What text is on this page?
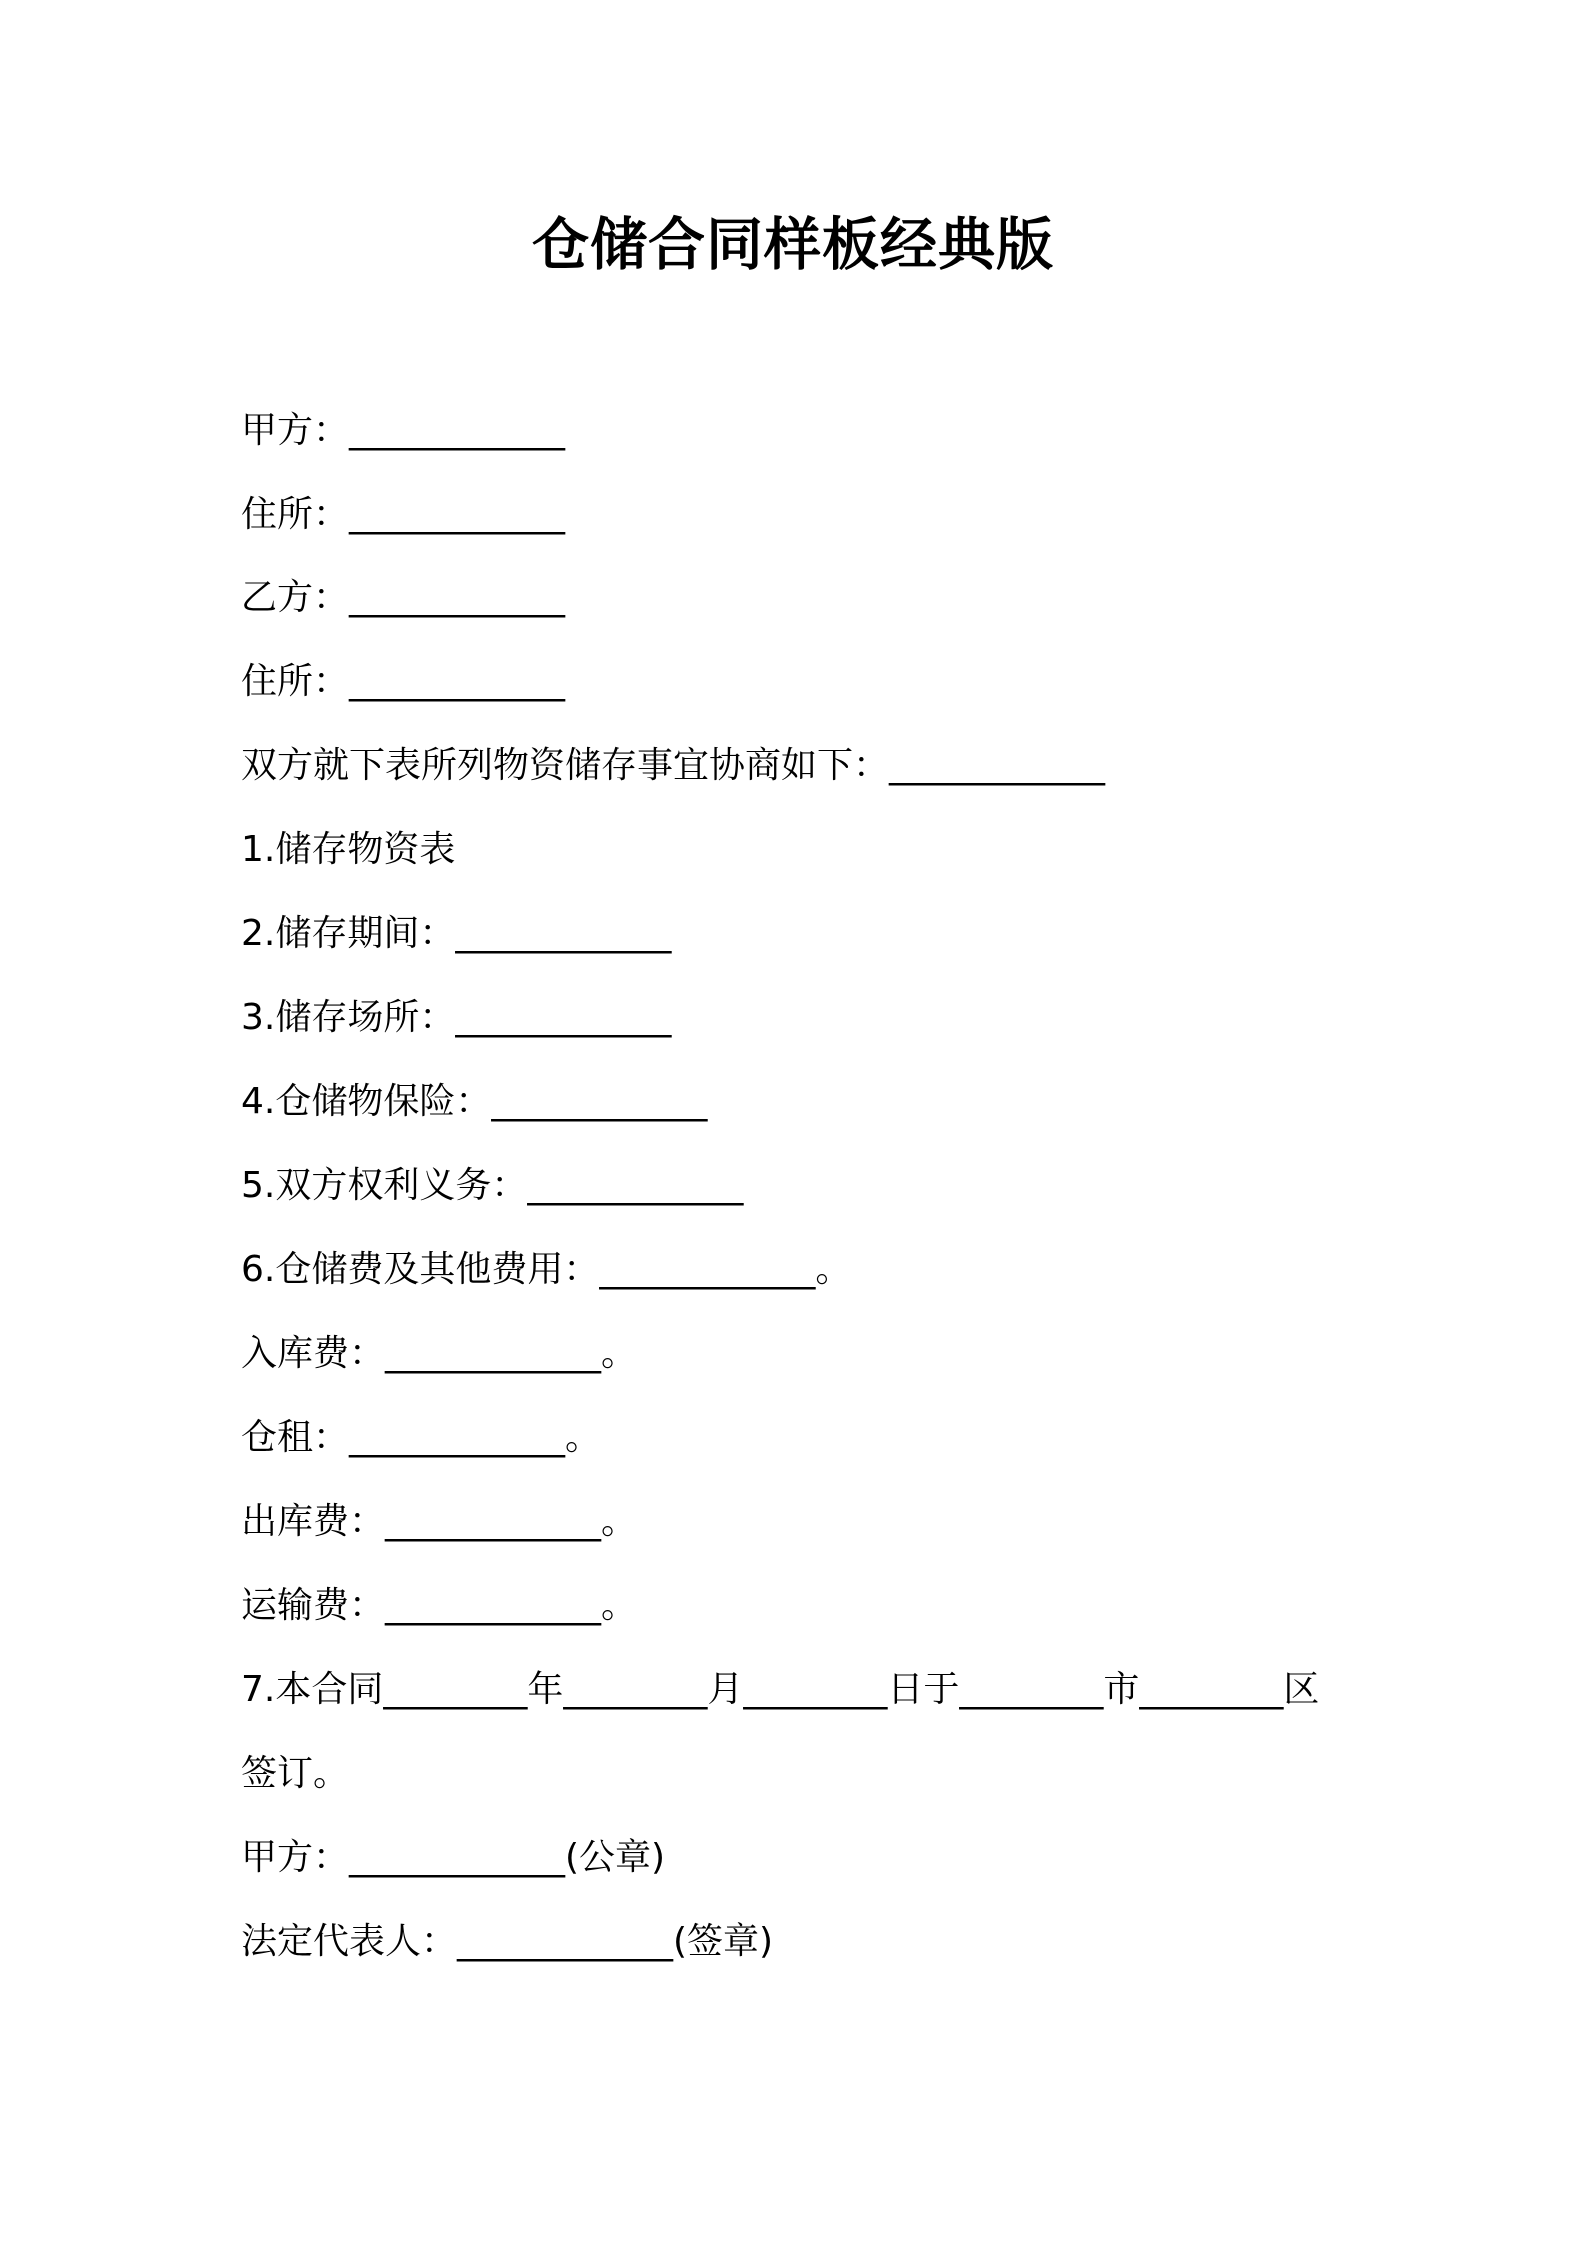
仓储合同样板经典版
甲方：____________
住所：____________
乙方：____________
住所：____________
双方就下表所列物资储存事宜协商如下：____________
1.储存物资表
2.储存期间：____________
3.储存场所：____________
4.仓储物保险：____________
5.双方权利义务：____________
6.仓储费及其他费用：____________。
入库费：____________。
仓租：____________。
出库费：____________。
运输费：____________。
7.本合同________年________月________日于________市________区
签订。
甲方：____________(公章)
法定代表人：____________(签章)
